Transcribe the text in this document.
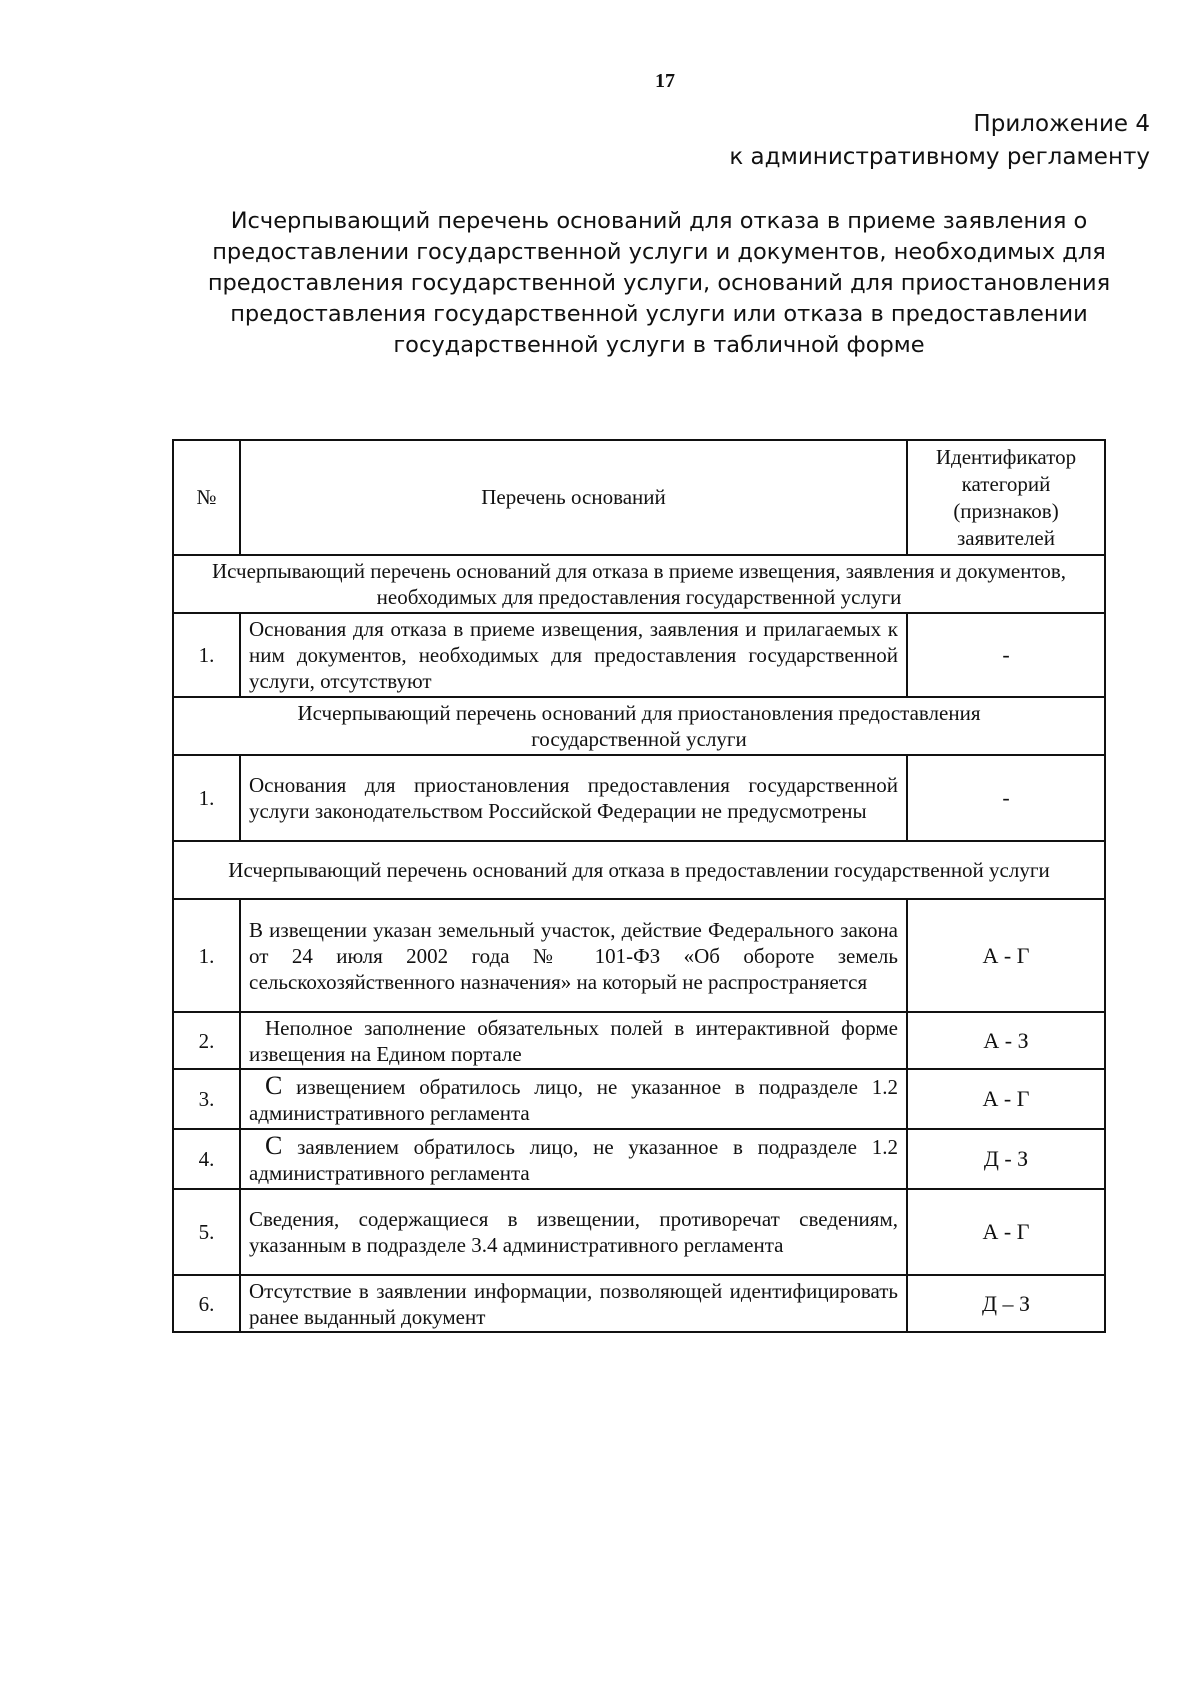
17
Приложение 4
к административному регламенту
Исчерпывающий перечень оснований для отказа в приеме заявления о
предоставлении государственной услуги и документов, необходимых для
предоставления государственной услуги, оснований для приостановления
предоставления государственной услуги или отказа в предоставлении
государственной услуги в табличной форме
№	Перечень оснований	Идентификатор категорий (признаков) заявителей
Исчерпывающий перечень оснований для отказа в приеме извещения, заявления и документов, необходимых для предоставления государственной услуги		
1.	Основания для отказа в приеме извещения, заявления и прилагаемых к ним документов, необходимых для предоставления государственной услуги, отсутствуют	-
Исчерпывающий перечень оснований для приостановления предоставления государственной услуги		
1.	Основания для приостановления предоставления государственной услуги законодательством Российской Федерации не предусмотрены	-
Исчерпывающий перечень оснований для отказа в предоставлении государственной услуги		
1.	В извещении указан земельный участок, действие Федерального закона от 24 июля 2002 года № 101-ФЗ «Об обороте земель сельскохозяйственного назначения» на который не распространяется	А - Г
2.	Неполное заполнение обязательных полей в интерактивной форме извещения на Едином портале	А - З
3.	С извещением обратилось лицо, не указанное в подразделе 1.2 административного регламента	А - Г
4.	С заявлением обратилось лицо, не указанное в подразделе 1.2 административного регламента	Д - З
5.	Сведения, содержащиеся в извещении, противоречат сведениям, указанным в подразделе 3.4 административного регламента	А - Г
6.	Отсутствие в заявлении информации, позволяющей идентифицировать ранее выданный документ	Д – З
